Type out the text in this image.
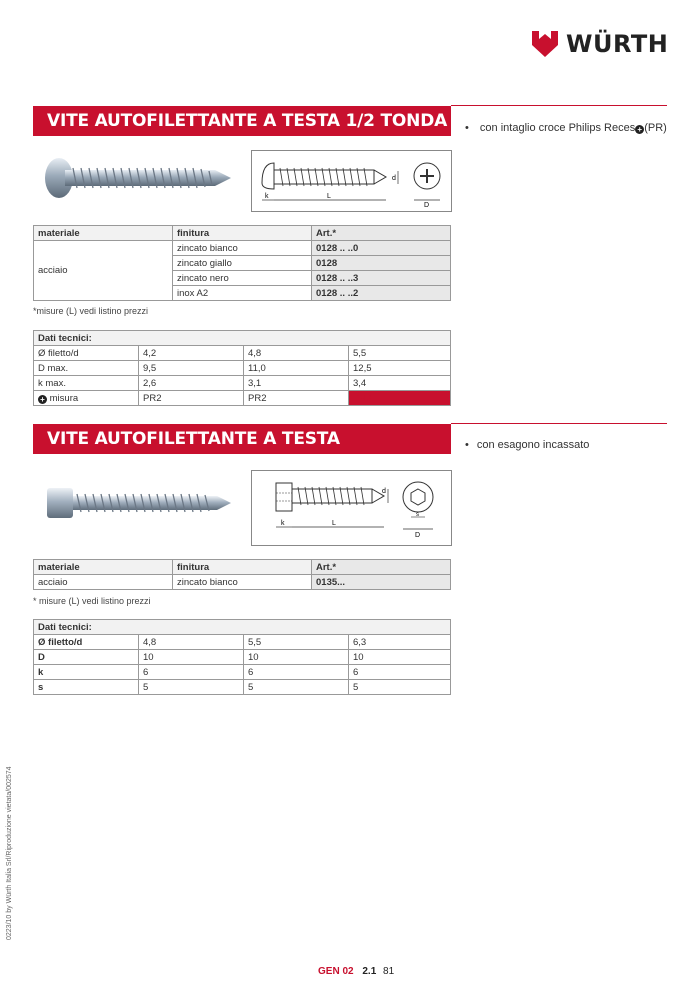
WÜRTH
VITE AUTOFILETTANTE A TESTA 1/2 TONDA	• con intaglio croce Philips Reces + (PR)
k	L
d
D
materiale	finitura	Art.*
acciaio	zincato bianco	0128 .. ..0
	zincato giallo	0128
	zincato nero	0128 .. ..3
	inox A2	0128 .. ..2
*misure (L) vedi listino prezzi
Dati tecnici:			
Ø filetto/d	4,2	4,8	5,5
D max.	9,5	11,0	12,5
k max.	2,6	3,1	3,4
+ misura	PR2	PR2	PR3
VITE AUTOFILETTANTE A TESTA CILINDRICA
• con esagono incassato
k	L
d
s
D
materiale	finitura	Art.*
acciaio	zincato bianco	0135...
* misure (L) vedi listino prezzi
Dati tecnici:			
Ø filetto/d	4,8	5,5	6,3
D	10	10	10
k	6	6	6
s	5	5	5
0223/10 by Würth Italia Srl/Riproduzione vietata/002574
GEN 02 2.1 81
